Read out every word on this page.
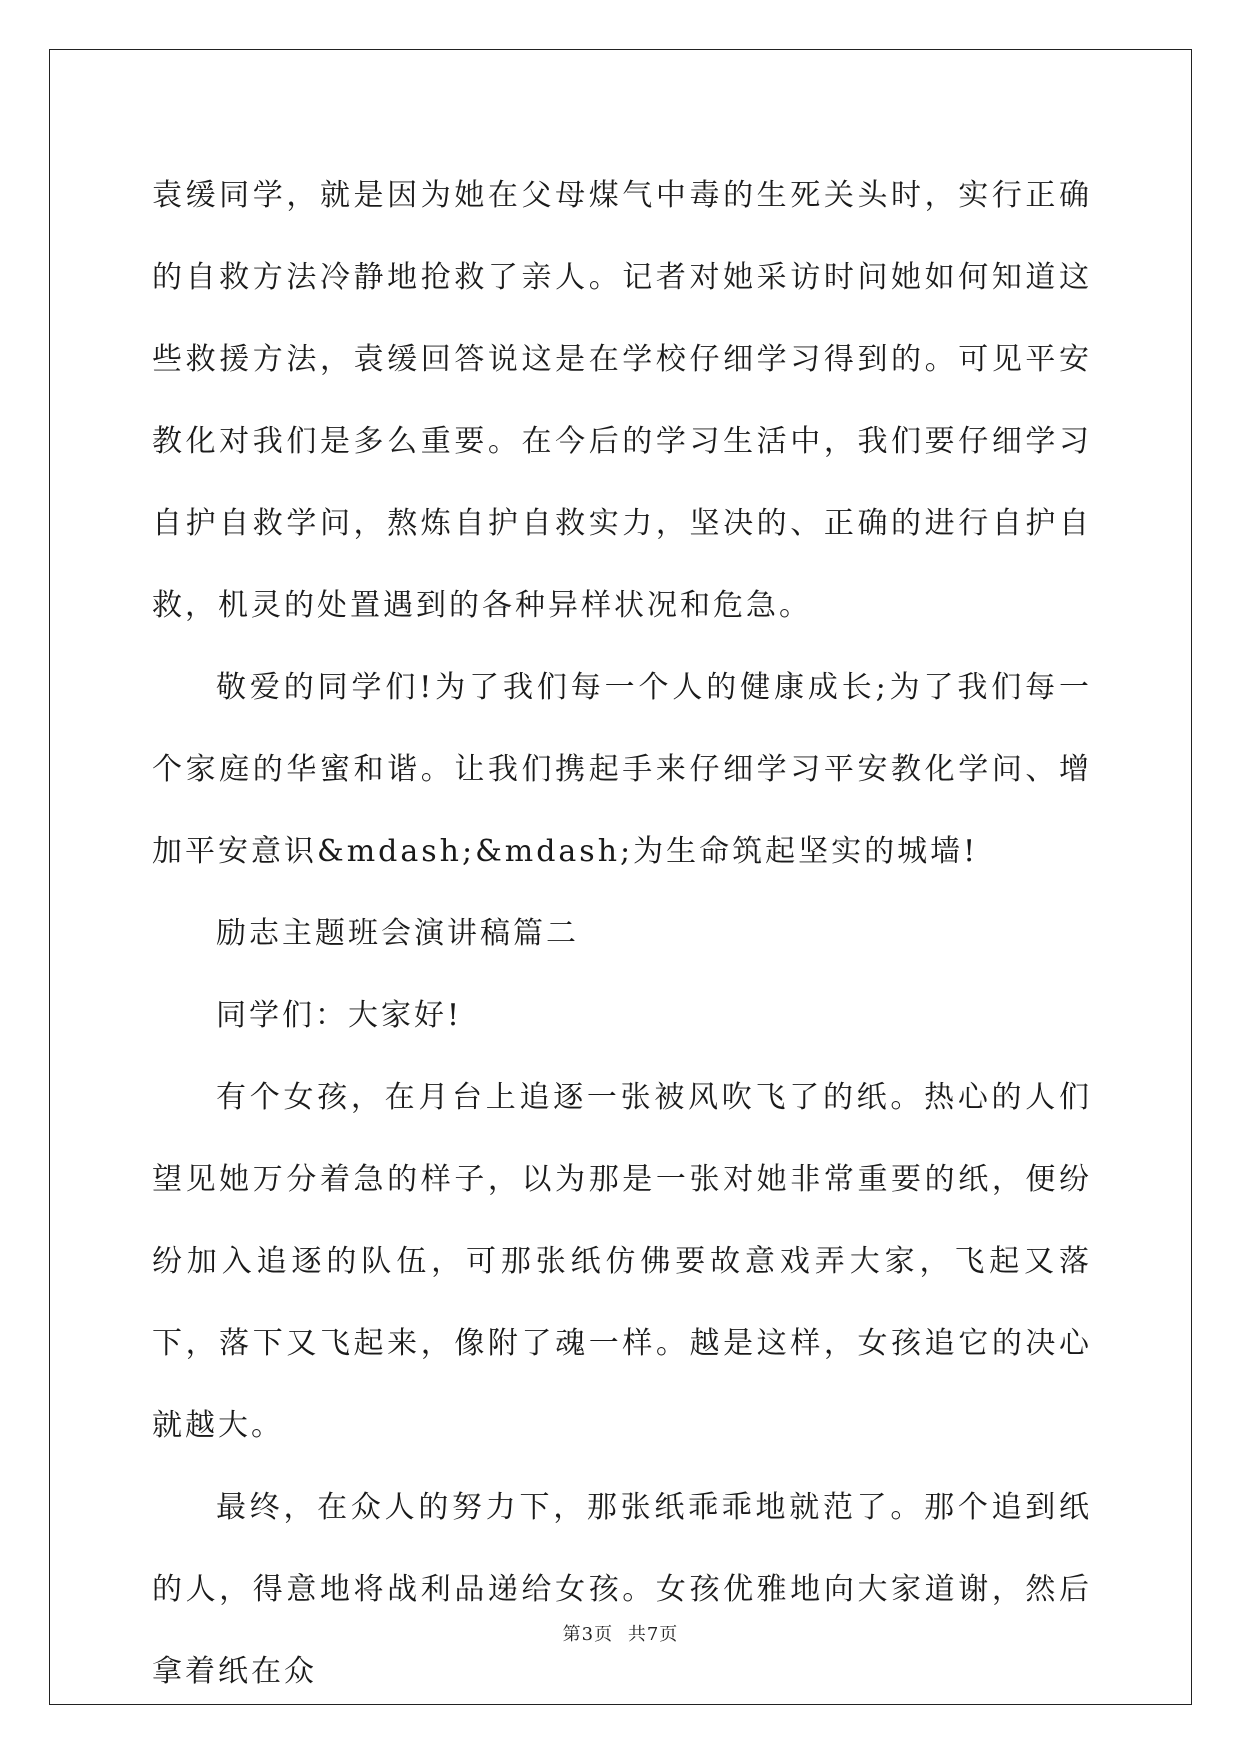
袁缓同学，就是因为她在父母煤气中毒的生死关头时，实行正确的自救方法冷静地抢救了亲人。记者对她采访时问她如何知道这些救援方法，袁缓回答说这是在学校仔细学习得到的。可见平安教化对我们是多么重要。在今后的学习生活中，我们要仔细学习自护自救学问，熬炼自护自救实力，坚决的、正确的进行自护自救，机灵的处置遇到的各种异样状况和危急。

敬爱的同学们!为了我们每一个人的健康成长;为了我们每一个家庭的华蜜和谐。让我们携起手来仔细学习平安教化学问、增加平安意识&mdash;&mdash;为生命筑起坚实的城墙!

励志主题班会演讲稿篇二

同学们：大家好!

有个女孩，在月台上追逐一张被风吹飞了的纸。热心的人们望见她万分着急的样子，以为那是一张对她非常重要的纸，便纷纷加入追逐的队伍，可那张纸仿佛要故意戏弄大家，飞起又落下，落下又飞起来，像附了魂一样。越是这样，女孩追它的决心就越大。

最终，在众人的努力下，那张纸乖乖地就范了。那个追到纸的人，得意地将战利品递给女孩。女孩优雅地向大家道谢，然后拿着纸在众

第3页 共7页
